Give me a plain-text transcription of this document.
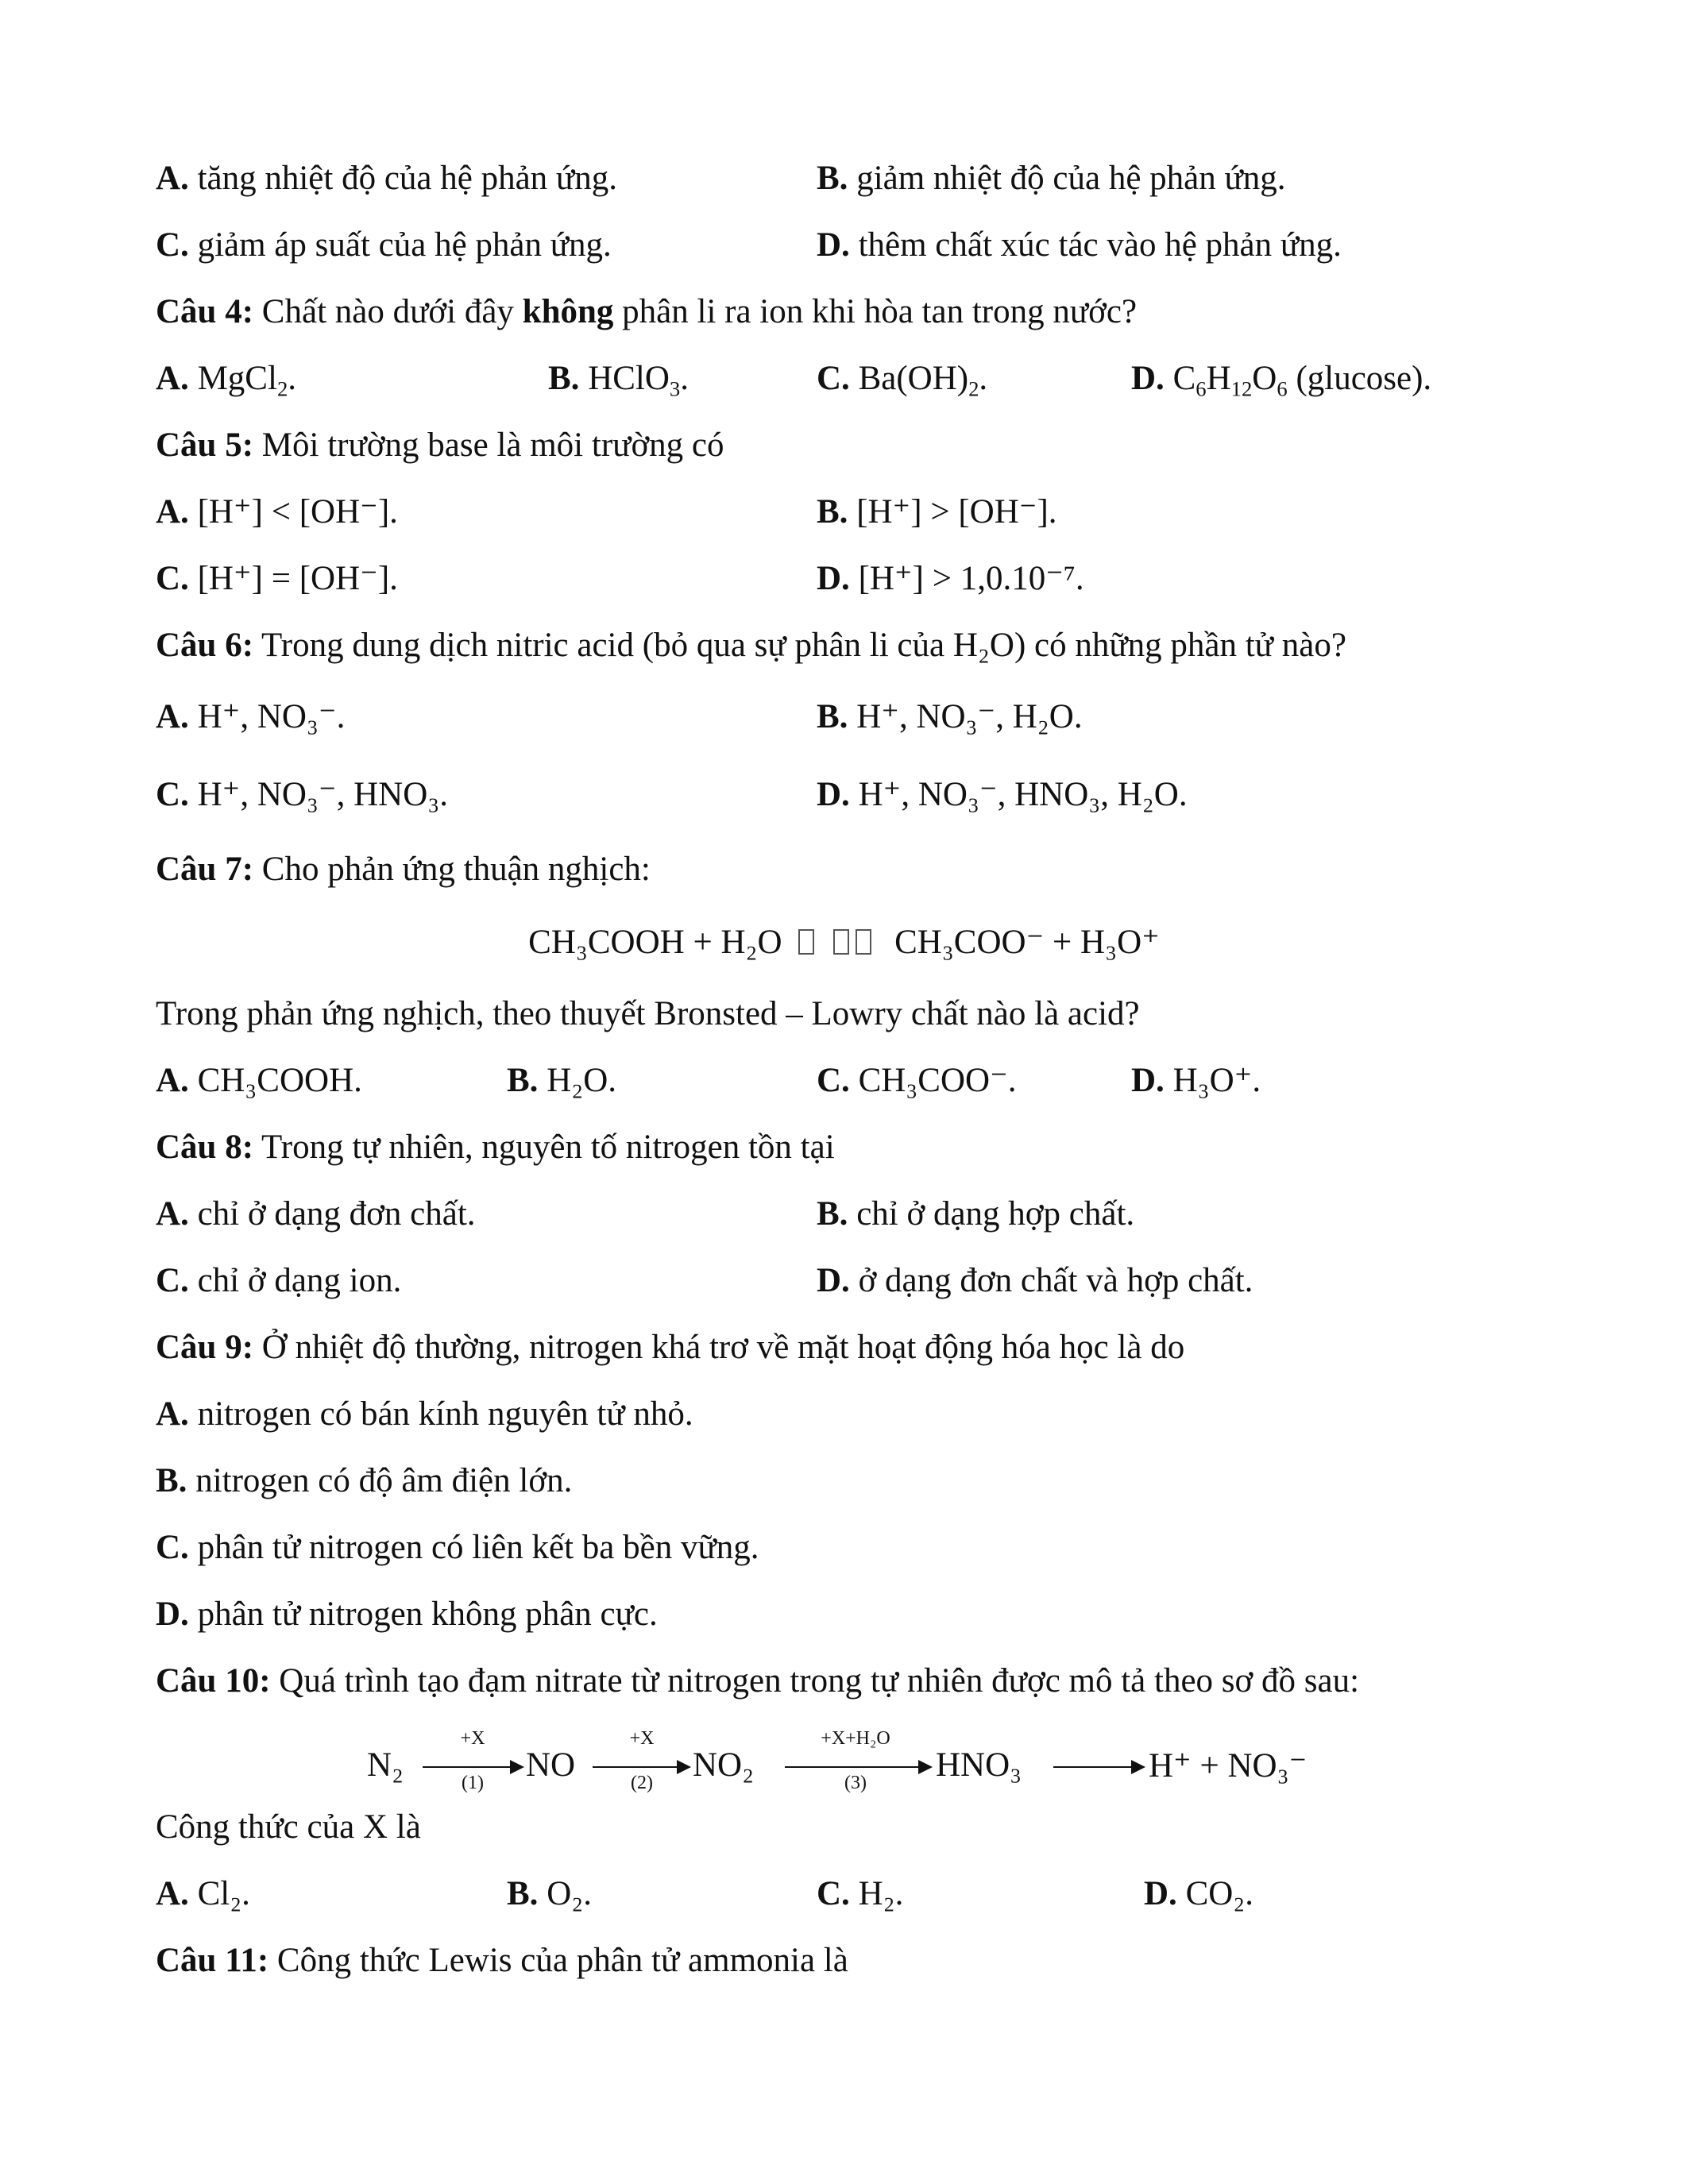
A. tăng nhiệt độ của hệ phản ứng.	B. giảm nhiệt độ của hệ phản ứng.
C. giảm áp suất của hệ phản ứng.	D. thêm chất xúc tác vào hệ phản ứng.
Câu 4: Chất nào dưới đây không phân li ra ion khi hòa tan trong nước?
A. MgCl$_2$.	B. HClO$_3$.	C. $Ba(OH)_2$.	D. $C_6H_{12}O_6$ (glucose).
Câu 5: Môi trường base là môi trường có
A. [H⁺] < [OH⁻].	B. [H⁺] > [OH⁻].
C. [H⁺] = [OH⁻].	D. [H⁺] > 1,0.10⁻⁷.
Câu 6: Trong dung dịch nitric acid (bỏ qua sự phân li của H₂O) có những phần tử nào?
A. H⁺, NO₃⁻.	B. H⁺, NO₃⁻, H₂O.
C. H⁺, NO₃⁻, HNO₃.	D. H⁺, NO₃⁻, HNO₃, H₂O.
Câu 7: Cho phản ứng thuận nghịch:
CH₃COOH + H₂O	CH₃COO⁻ + H₃O⁺
Trong phản ứng nghịch, theo thuyết Bronsted – Lowry chất nào là acid?
A. CH₃COOH.	B. H₂O.	C. CH₃COO⁻.	D. H₃O⁺.
Câu 8: Trong tự nhiên, nguyên tố nitrogen tồn tại
A. chỉ ở dạng đơn chất.	B. chỉ ở dạng hợp chất.
C. chỉ ở dạng ion.	D. ở dạng đơn chất và hợp chất.
Câu 9: Ở nhiệt độ thường, nitrogen khá trơ về mặt hoạt động hóa học là do
A. nitrogen có bán kính nguyên tử nhỏ.
B. nitrogen có độ âm điện lớn.
C. phân tử nitrogen có liên kết ba bền vững.
D. phân tử nitrogen không phân cực.
Câu 10: Quá trình tạo đạm nitrate từ nitrogen trong tự nhiên được mô tả theo sơ đồ sau:
N₂
+X
(1)	NO
+X
(2)	NO₂
+X+H₂O
(3)	HNO₃	H⁺ + NO₃⁻
Công thức của X là
A. Cl₂.	B. O₂.	C. H₂.	D. CO₂.
Câu 11: Công thức Lewis của phân tử ammonia là
